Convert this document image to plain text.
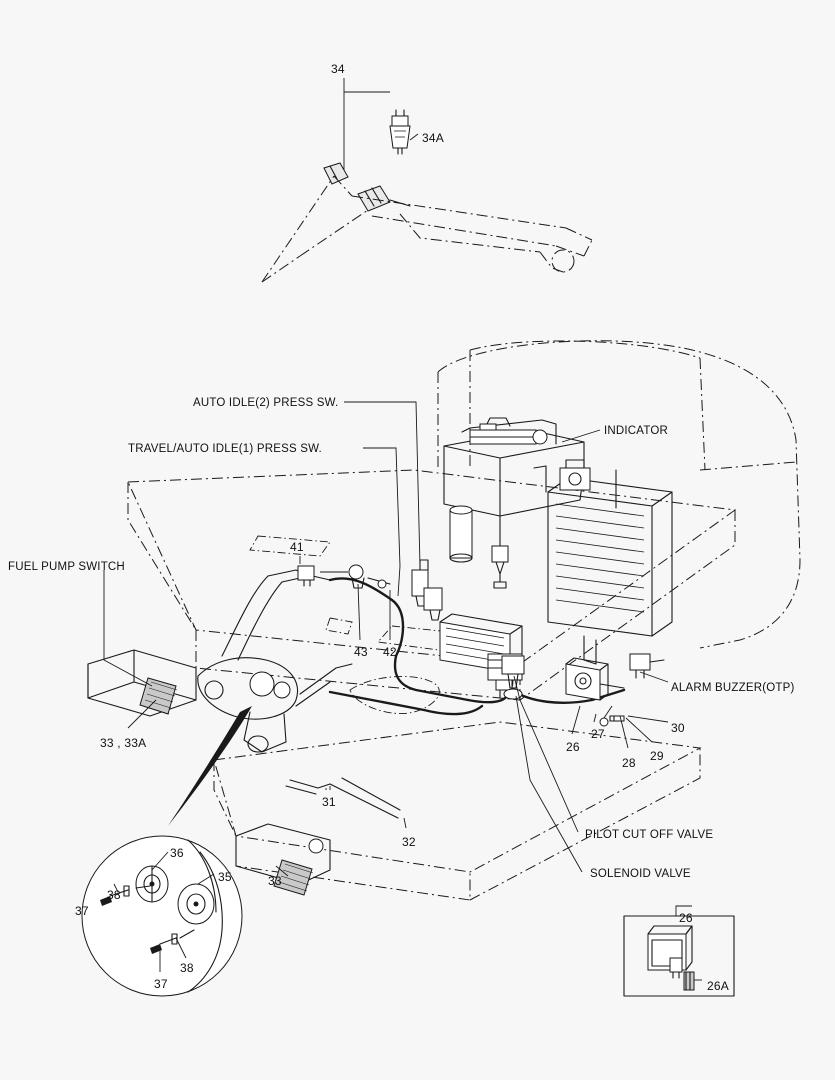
34
34A
AUTO IDLE(2) PRESS SW.
INDICATOR
TRAVEL/AUTO IDLE(1) PRESS SW.
41
FUEL PUMP SWITCH
43 42
ALARM BUZZER(OTP)
30
26
27
28 29
33 , 33A
31
32	PILOT CUT OFF VALVE
33	SOLENOID VALVE
36
35
38
37
38
37
26
26A
